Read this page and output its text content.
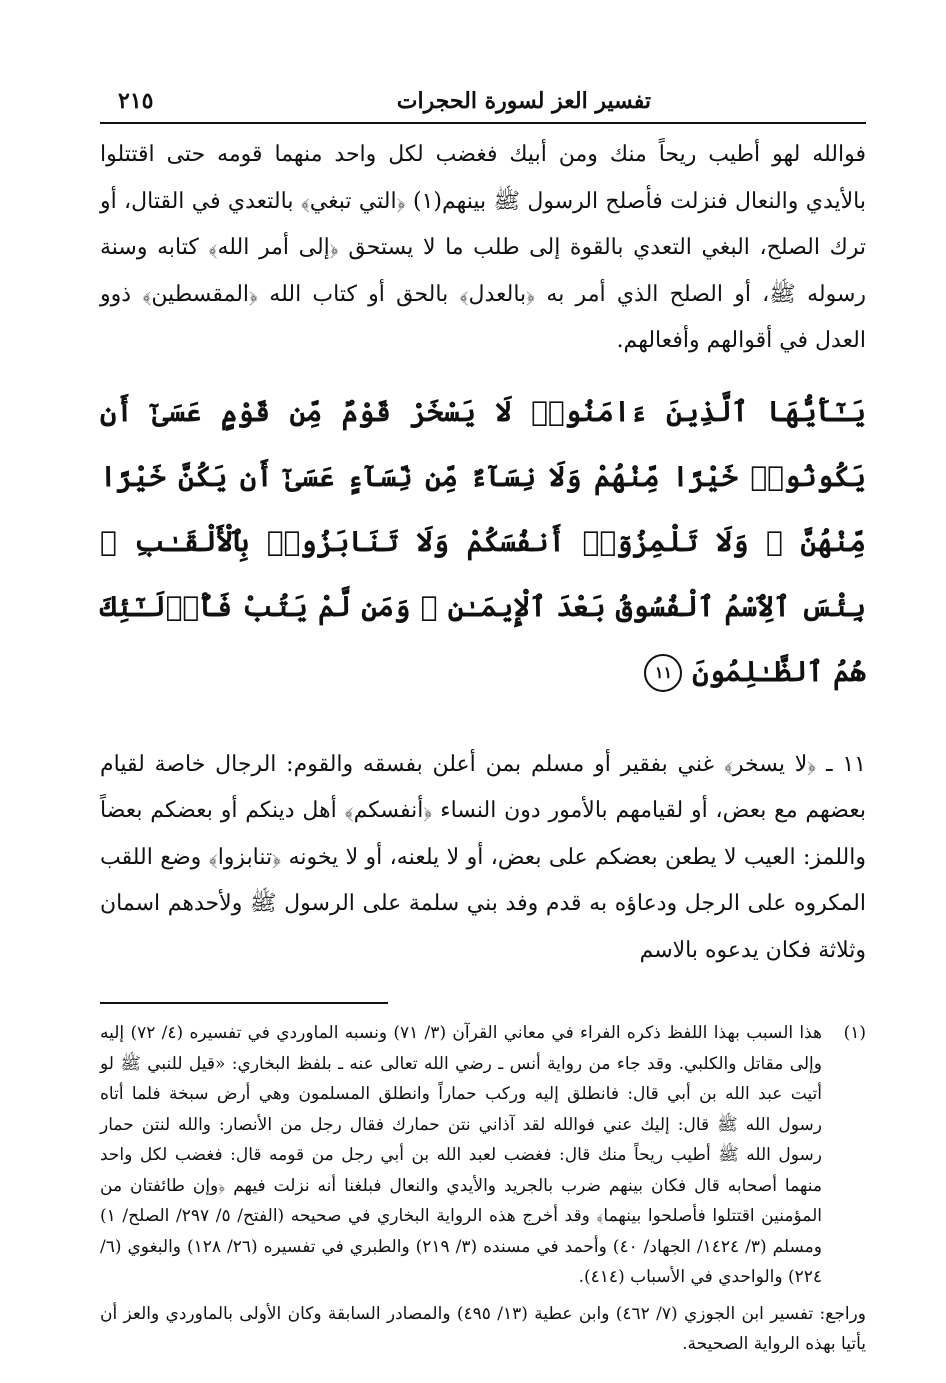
تفسير العز لسورة الحجرات
٢١٥

فوالله لهو أطيب ريحاً منك ومن أبيك فغضب لكل واحد منهما قومه حتى اقتتلوا بالأيدي والنعال فنزلت فأصلح الرسول ﷺ بينهم(١) ﴿التي تبغي﴾ بالتعدي في القتال، أو ترك الصلح، البغي التعدي بالقوة إلى طلب ما لا يستحق ﴿إلى أمر الله﴾ كتابه وسنة رسوله ﷺ، أو الصلح الذي أمر به ﴿بالعدل﴾ بالحق أو كتاب الله ﴿المقسطين﴾ ذوو العدل في أقوالهم وأفعالهم.

يَـٰٓأَيُّهَا ٱلَّذِينَ ءَامَنُوا۟ لَا يَسْخَرْ قَوْمٌ مِّن قَوْمٍ عَسَىٰٓ أَن يَكُونُوا۟ خَيْرًا مِّنْهُمْ وَلَا نِسَآءٌ مِّن نِّسَآءٍ عَسَىٰٓ أَن يَكُنَّ خَيْرًا مِّنْهُنَّ ۖ وَلَا تَلْمِزُوٓا۟ أَنفُسَكُمْ وَلَا تَنَابَزُوا۟ بِٱلْأَلْقَـٰبِ ۖ بِئْسَ ٱلِٱسْمُ ٱلْفُسُوقُ بَعْدَ ٱلْإِيمَـٰنِ ۚ وَمَن لَّمْ يَتُبْ فَأُو۟لَـٰٓئِكَ هُمُ ٱلظَّـٰلِمُونَ ١١

١١ ـ ﴿لا يسخر﴾ غني بفقير أو مسلم بمن أعلن بفسقه والقوم: الرجال خاصة لقيام بعضهم مع بعض، أو لقيامهم بالأمور دون النساء ﴿أنفسكم﴾ أهل دينكم أو بعضكم بعضاً واللمز: العيب لا يطعن بعضكم على بعض، أو لا يلعنه، أو لا يخونه ﴿تنابزوا﴾ وضع اللقب المكروه على الرجل ودعاؤه به قدم وفد بني سلمة على الرسول ﷺ ولأحدهم اسمان وثلاثة فكان يدعوه بالاسم

(١)
هذا السبب بهذا اللفظ ذكره الفراء في معاني القرآن (٣/ ٧١) ونسبه الماوردي في تفسيره (٤/ ٧٢) إليه وإلى مقاتل والكلبي. وقد جاء من رواية أنس ـ رضي الله تعالى عنه ـ بلفظ البخاري: «قيل للنبي ﷺ لو أتيت عبد الله بن أبي قال: فانطلق إليه وركب حماراً وانطلق المسلمون وهي أرض سبخة فلما أتاه رسول الله ﷺ قال: إليك عني فوالله لقد آذاني نتن حمارك فقال رجل من الأنصار: والله لنتن حمار رسول الله ﷺ أطيب ريحاً منك قال: فغضب لعبد الله بن أبي رجل من قومه قال: فغضب لكل واحد منهما أصحابه قال فكان بينهم ضرب بالجريد والأيدي والنعال فبلغنا أنه نزلت فيهم ﴿وإن طائفتان من المؤمنين اقتتلوا فأصلحوا بينهما﴾ وقد أخرج هذه الرواية البخاري في صحيحه (الفتح/ ٥/ ٢٩٧/ الصلح/ ١) ومسلم (٣/ ١٤٢٤/ الجهاد/ ٤٠) وأحمد في مسنده (٣/ ٢١٩) والطبري في تفسيره (٢٦/ ١٢٨) والبغوي (٦/ ٢٢٤) والواحدي في الأسباب (٤١٤).
وراجع: تفسير ابن الجوزي (٧/ ٤٦٢) وابن عطية (١٣/ ٤٩٥) والمصادر السابقة وكان الأولى بالماوردي والعز أن يأتيا بهذه الرواية الصحيحة.
